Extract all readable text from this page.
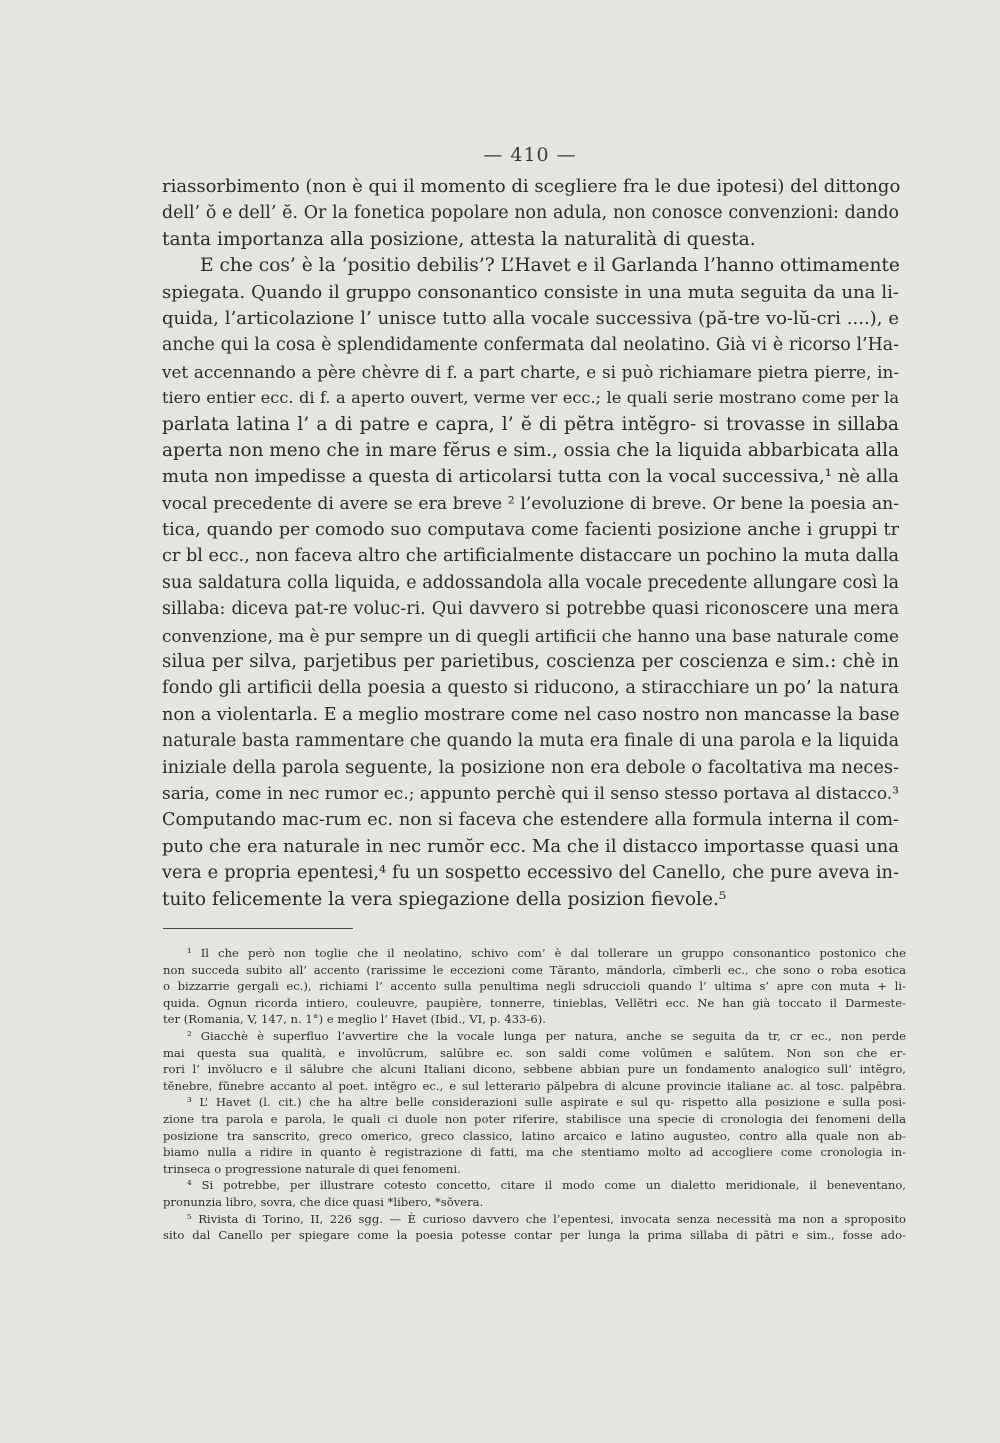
— 410 —
riassorbimento (non è qui il momento di scegliere fra le due ipotesi) del dittongo
dell’ ŏ e dell’ ĕ. Or la fonetica popolare non adula, non conosce convenzioni: dando
tanta importanza alla posizione, attesta la naturalità di questa.
E che cos’ è la ‘positio debilis’? L’Havet e il Garlanda l’hanno ottimamente
spiegata. Quando il gruppo consonantico consiste in una muta seguita da una li-
quida, l’articolazione l’ unisce tutto alla vocale successiva (pă-tre vo-lŭ-cri ....), e
anche qui la cosa è splendidamente confermata dal neolatino. Già vi è ricorso l’Ha-
vet accennando a père chèvre di f. a part charte, e si può richiamare pietra pierre, in-
tiero entier ecc. di f. a aperto ouvert, verme ver ecc.; le quali serie mostrano come per la
parlata latina l’ a di patre e capra, l’ ĕ di pĕtra intĕgro- si trovasse in sillaba
aperta non meno che in mare fĕrus e sim., ossia che la liquida abbarbicata alla
muta non impedisse a questa di articolarsi tutta con la vocal successiva,¹ nè alla
vocal precedente di avere se era breve ² l’evoluzione di breve. Or bene la poesia an-
tica, quando per comodo suo computava come facienti posizione anche i gruppi tr
cr bl ecc., non faceva altro che artificialmente distaccare un pochino la muta dalla
sua saldatura colla liquida, e addossandola alla vocale precedente allungare così la
sillaba: diceva pat-re voluc-ri. Qui davvero si potrebbe quasi riconoscere una mera
convenzione, ma è pur sempre un di quegli artificii che hanno una base naturale come
silua per silva, parjetibus per parietibus, coscienza per coscienza e sim.: chè in
fondo gli artificii della poesia a questo si riducono, a stiracchiare un po’ la natura
non a violentarla. E a meglio mostrare come nel caso nostro non mancasse la base
naturale basta rammentare che quando la muta era finale di una parola e la liquida
iniziale della parola seguente, la posizione non era debole o facoltativa ma neces-
saria, come in nec rumor ec.; appunto perchè qui il senso stesso portava al distacco.³
Computando mac-rum ec. non si faceva che estendere alla formula interna il com-
puto che era naturale in nec rumŏr ecc. Ma che il distacco importasse quasi una
vera e propria epentesi,⁴ fu un sospetto eccessivo del Canello, che pure aveva in-
tuito felicemente la vera spiegazione della posizion fievole.⁵
¹ Il che però non toglie che il neolatino, schivo com’ è dal tollerare un gruppo consonantico postonico che
non succeda subito all’ accento (rarissime le eccezioni come Tăranto, măndorla, cĭmberli ec., che sono o roba esotica
o bizzarrie gergali ec.), richiami l’ accento sulla penultima negli sdruccioli quando l’ ultima s’ apre con muta + li-
quida. Ognun ricorda intiero, couleuvre, paupière, tonnerre, tinieblas, Vellĕtri ecc. Ne han già toccato il Darmeste-
ter (Romania, V, 147, n. 1°) e meglio l’ Havet (Ibid., VI, p. 433-6).
² Giacchè è superfluo l’avvertire che la vocale lunga per natura, anche se seguita da tr, cr ec., non perde
mai questa sua qualità, e involūcrum, salūbre ec. son saldi come volūmen e salūtem. Non son che er-
rori l’ invŏlucro e il sălubre che alcuni Italiani dicono, sebbene abbian pure un fondamento analogico sull’ intĕgro,
tĕnebre, fŭnebre accanto al poet. intĕgro ec., e sul letterario pălpebra di alcune provincie italiane ac. al tosc. palpēbra.
³ L’ Havet (l. cit.) che ha altre belle considerazioni sulle aspirate e sul qu- rispetto alla posizione e sulla posi-
zione tra parola e parola, le quali ci duole non poter riferire, stabilisce una specie di cronologia dei fenomeni della
posizione tra sanscrito, greco omerico, greco classico, latino arcaico e latino augusteo, contro alla quale non ab-
biamo nulla a ridire in quanto è registrazione di fatti, ma che stentiamo molto ad accogliere come cronologia in-
trinseca o progressione naturale di quei fenomeni.
⁴ Si potrebbe, per illustrare cotesto concetto, citare il modo come un dialetto meridionale, il beneventano,
pronunzia libro, sovra, che dice quasi *libero, *sŏvera.
⁵ Rivista di Torino, II, 226 sgg. — È curioso davvero che l’epentesi, invocata senza necessità ma non a sproposito
sito dal Canello per spiegare come la poesia potesse contar per lunga la prima sillaba di pătri e sim., fosse ado-
